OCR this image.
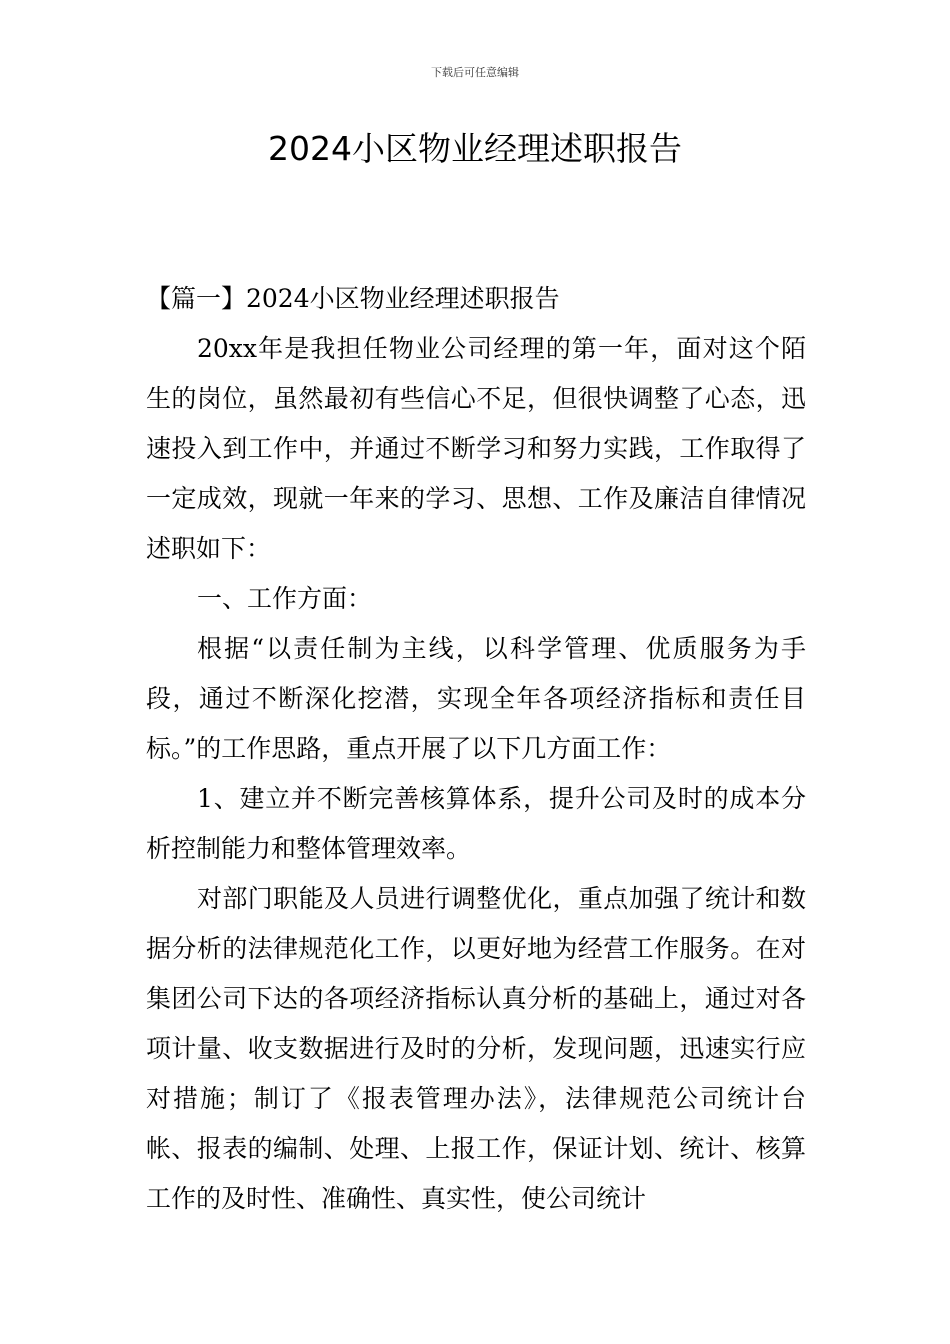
下载后可任意编辑
2024小区物业经理述职报告

【篇一】2024小区物业经理述职报告

20xx年是我担任物业公司经理的第一年，面对这个陌生的岗位，虽然最初有些信心不足，但很快调整了心态，迅速投入到工作中，并通过不断学习和努力实践，工作取得了一定成效，现就一年来的学习、思想、工作及廉洁自律情况述职如下：

一、工作方面：

根据“以责任制为主线，以科学管理、优质服务为手段，通过不断深化挖潜，实现全年各项经济指标和责任目标。”的工作思路，重点开展了以下几方面工作：

1、建立并不断完善核算体系，提升公司及时的成本分析控制能力和整体管理效率。

对部门职能及人员进行调整优化，重点加强了统计和数据分析的法律规范化工作，以更好地为经营工作服务。在对集团公司下达的各项经济指标认真分析的基础上，通过对各项计量、收支数据进行及时的分析，发现问题，迅速实行应对措施；制订了《报表管理办法》，法律规范公司统计台帐、报表的编制、处理、上报工作，保证计划、统计、核算工作的及时性、准确性、真实性，使公司统计
